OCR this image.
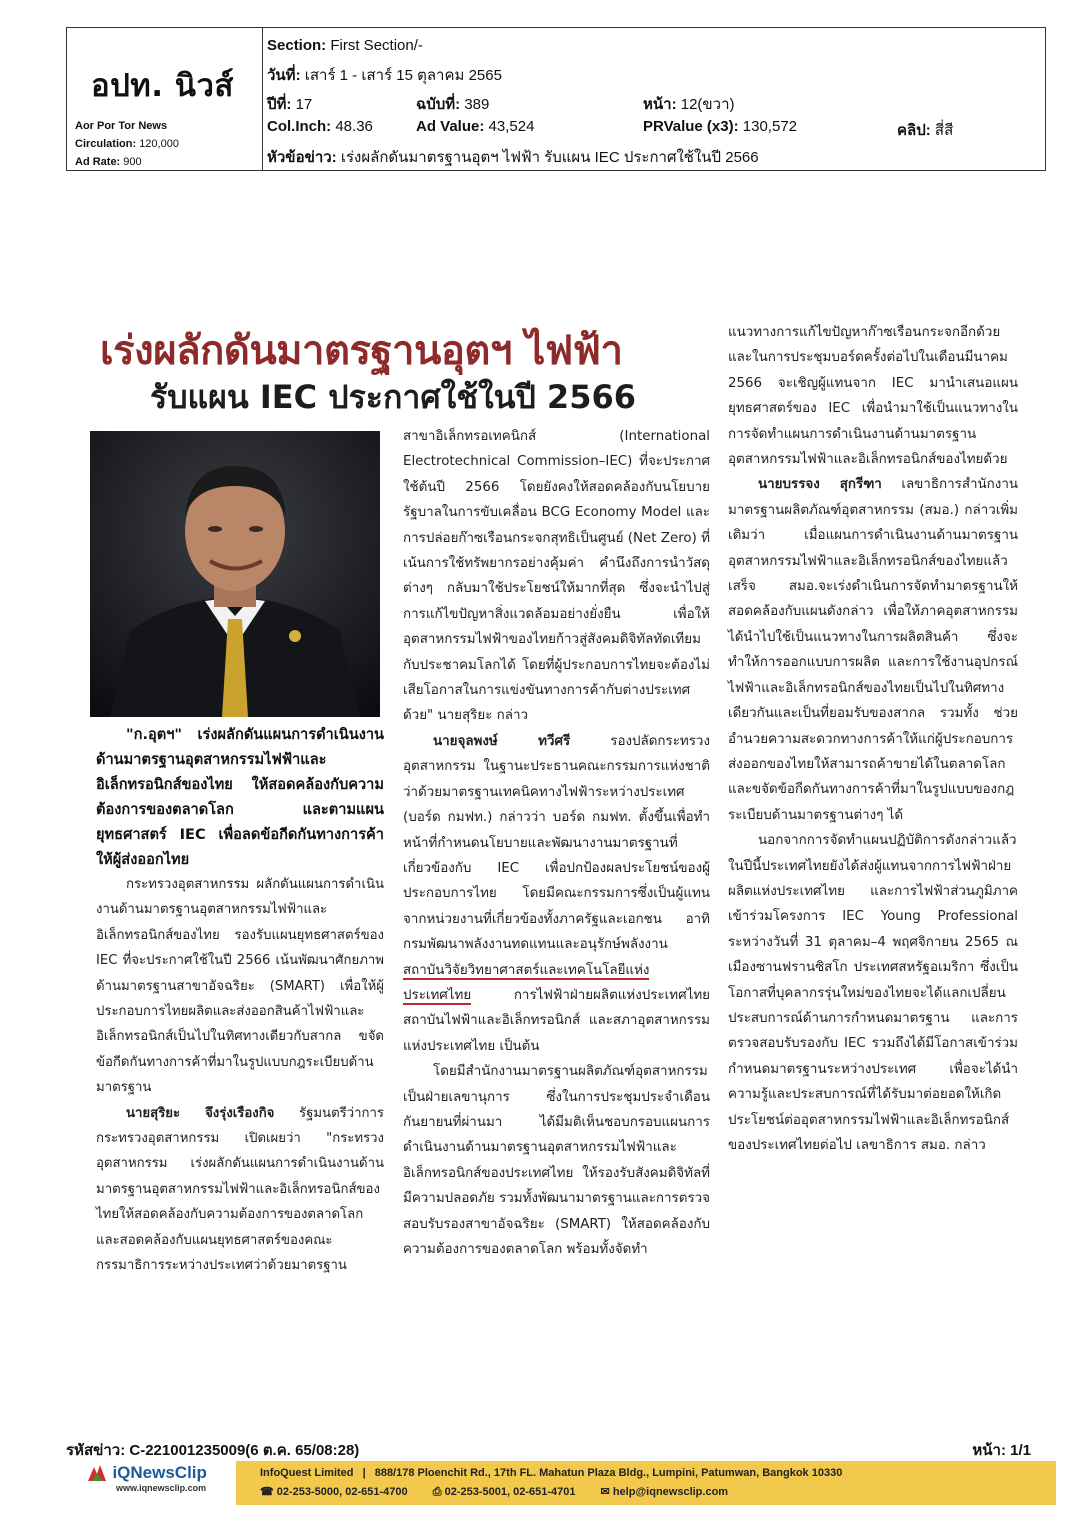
อปท. นิวส์
Aor Por Tor News
Circulation: 120,000
Ad Rate: 900
Section: First Section/-
วันที่: เสาร์ 1 - เสาร์ 15 ตุลาคม 2565
ปีที่: 17	ฉบับที่: 389	หน้า: 12(ขวา)
Col.Inch: 48.36	Ad Value: 43,524	PRValue (x3): 130,572	คลิป: สี่สี
หัวข้อข่าว: เร่งผลักดันมาตรฐานอุตฯ ไฟฟ้า รับแผน IEC ประกาศใช้ในปี 2566
เร่งผลักดันมาตรฐานอุตฯ ไฟฟ้า
รับแผน IEC ประกาศใช้ในปี 2566

"ก.อุตฯ" เร่งผลักดันแผนการดำเนินงานด้านมาตรฐานอุตสาหกรรมไฟฟ้าและอิเล็กทรอนิกส์ของไทย ให้สอดคล้องกับความต้องการของตลาดโลก และตามแผนยุทธศาสตร์ IEC เพื่อลดข้อกีดกันทางการค้า ให้ผู้ส่งออกไทย

กระทรวงอุตสาหกรรม ผลักดันแผนการดำเนินงานด้านมาตรฐานอุตสาหกรรมไฟฟ้าและอิเล็กทรอนิกส์ของไทย รองรับแผนยุทธศาสตร์ของ IEC ที่จะประกาศใช้ในปี 2566 เน้นพัฒนาศักยภาพด้านมาตรฐานสาขาอัจฉริยะ (SMART) เพื่อให้ผู้ประกอบการไทยผลิตและส่งออกสินค้าไฟฟ้าและอิเล็กทรอนิกส์เป็นไปในทิศทางเดียวกับสากล ขจัดข้อกีดกันทางการค้าที่มาในรูปแบบกฎระเบียบด้านมาตรฐาน

นายสุริยะ จึงรุ่งเรืองกิจ รัฐมนตรีว่าการกระทรวงอุตสาหกรรม เปิดเผยว่า "กระทรวงอุตสาหกรรม เร่งผลักดันแผนการดำเนินงานด้านมาตรฐานอุตสาหกรรมไฟฟ้าและอิเล็กทรอนิกส์ของไทยให้สอดคล้องกับความต้องการของตลาดโลก และสอดคล้องกับแผนยุทธศาสตร์ของคณะกรรมาธิการระหว่างประเทศว่าด้วยมาตรฐาน

สาขาอิเล็กทรอเทคนิกส์ (International Electrotechnical Commission–IEC) ที่จะประกาศใช้ต้นปี 2566 โดยยังคงให้สอดคล้องกับนโยบายรัฐบาลในการขับเคลื่อน BCG Economy Model และการปล่อยก๊าซเรือนกระจกสุทธิเป็นศูนย์ (Net Zero) ที่เน้นการใช้ทรัพยากรอย่างคุ้มค่า คำนึงถึงการนำวัสดุต่างๆ กลับมาใช้ประโยชน์ให้มากที่สุด ซึ่งจะนำไปสู่การแก้ไขปัญหาสิ่งแวดล้อมอย่างยั่งยืน เพื่อให้อุตสาหกรรมไฟฟ้าของไทยก้าวสู่สังคมดิจิทัลทัดเทียมกับประชาคมโลกได้ โดยที่ผู้ประกอบการไทยจะต้องไม่เสียโอกาสในการแข่งขันทางการค้ากับต่างประเทศด้วย" นายสุริยะ กล่าว

นายจุลพงษ์ ทวีศรี	รองปลัดกระทรวงอุตสาหกรรม ในฐานะประธานคณะกรรมการแห่งชาติว่าด้วยมาตรฐานเทคนิคทางไฟฟ้าระหว่างประเทศ (บอร์ด กมฟท.) กล่าวว่า บอร์ด กมฟท. ตั้งขึ้นเพื่อทำหน้าที่กำหนดนโยบายและพัฒนางานมาตรฐานที่เกี่ยวข้องกับ IEC เพื่อปกป้องผลประโยชน์ของผู้ประกอบการไทย โดยมีคณะกรรมการซึ่งเป็นผู้แทนจากหน่วยงานที่เกี่ยวข้องทั้งภาครัฐและเอกชน อาทิ กรมพัฒนาพลังงานทดแทนและอนุรักษ์พลังงาน สถาบันวิจัยวิทยาศาสตร์และเทคโนโลยีแห่งประเทศไทย	การไฟฟ้าฝ่ายผลิตแห่งประเทศไทย สถาบันไฟฟ้าและอิเล็กทรอนิกส์ และสภาอุตสาหกรรมแห่งประเทศไทย เป็นต้น

โดยมีสำนักงานมาตรฐานผลิตภัณฑ์อุตสาหกรรม เป็นฝ่ายเลขานุการ ซึ่งในการประชุมประจำเดือนกันยายนที่ผ่านมา ได้มีมติเห็นชอบกรอบแผนการดำเนินงานด้านมาตรฐานอุตสาหกรรมไฟฟ้าและอิเล็กทรอนิกส์ของประเทศไทย ให้รองรับสังคมดิจิทัลที่มีความปลอดภัย รวมทั้งพัฒนามาตรฐานและการตรวจสอบรับรองสาขาอัจฉริยะ (SMART) ให้สอดคล้องกับความต้องการของตลาดโลก พร้อมทั้งจัดทำ

แนวทางการแก้ไขปัญหาก๊าซเรือนกระจกอีกด้วย และในการประชุมบอร์ดครั้งต่อไปในเดือนมีนาคม 2566 จะเชิญผู้แทนจาก IEC มานำเสนอแผนยุทธศาสตร์ของ IEC เพื่อนำมาใช้เป็นแนวทางในการจัดทำแผนการดำเนินงานด้านมาตรฐานอุตสาหกรรมไฟฟ้าและอิเล็กทรอนิกส์ของไทยด้วย

นายบรรจง สุกรีฑา เลขาธิการสำนักงานมาตรฐานผลิตภัณฑ์อุตสาหกรรม (สมอ.) กล่าวเพิ่มเติมว่า เมื่อแผนการดำเนินงานด้านมาตรฐานอุตสาหกรรมไฟฟ้าและอิเล็กทรอนิกส์ของไทยแล้วเสร็จ สมอ.จะเร่งดำเนินการจัดทำมาตรฐานให้สอดคล้องกับแผนดังกล่าว เพื่อให้ภาคอุตสาหกรรมได้นำไปใช้เป็นแนวทางในการผลิตสินค้า ซึ่งจะทำให้การออกแบบการผลิต และการใช้งานอุปกรณ์ไฟฟ้าและอิเล็กทรอนิกส์ของไทยเป็นไปในทิศทางเดียวกันและเป็นที่ยอมรับของสากล รวมทั้ง ช่วยอำนวยความสะดวกทางการค้าให้แก่ผู้ประกอบการส่งออกของไทยให้สามารถค้าขายได้ในตลาดโลก และขจัดข้อกีดกันทางการค้าที่มาในรูปแบบของกฎระเบียบด้านมาตรฐานต่างๆ ได้

นอกจากการจัดทำแผนปฏิบัติการดังกล่าวแล้ว ในปีนี้ประเทศไทยยังได้ส่งผู้แทนจากการไฟฟ้าฝ่ายผลิตแห่งประเทศไทย และการไฟฟ้าส่วนภูมิภาค เข้าร่วมโครงการ IEC Young Professional ระหว่างวันที่ 31 ตุลาคม–4 พฤศจิกายน 2565 ณ เมืองซานฟรานซิสโก ประเทศสหรัฐอเมริกา ซึ่งเป็นโอกาสที่บุคลากรรุ่นใหม่ของไทยจะได้แลกเปลี่ยนประสบการณ์ด้านการกำหนดมาตรฐาน และการตรวจสอบรับรองกับ IEC รวมถึงได้มีโอกาสเข้าร่วมกำหนดมาตรฐานระหว่างประเทศ เพื่อจะได้นำความรู้และประสบการณ์ที่ได้รับมาต่อยอดให้เกิดประโยชน์ต่ออุตสาหกรรมไฟฟ้าและอิเล็กทรอนิกส์ของประเทศไทยต่อไป เลขาธิการ สมอ. กล่าว

รหัสข่าว: C-221001235009(6 ต.ค. 65/08:28)	หน้า: 1/1
iQNewsClip
www.iqnewsclip.com
InfoQuest Limited | 888/178 Ploenchit Rd., 17th FL. Mahatun Plaza Bldg., Lumpini, Patumwan, Bangkok 10330
☎ 02-253-5000, 02-651-4700 ⎙ 02-253-5001, 02-651-4701 ✉ help@iqnewsclip.com
